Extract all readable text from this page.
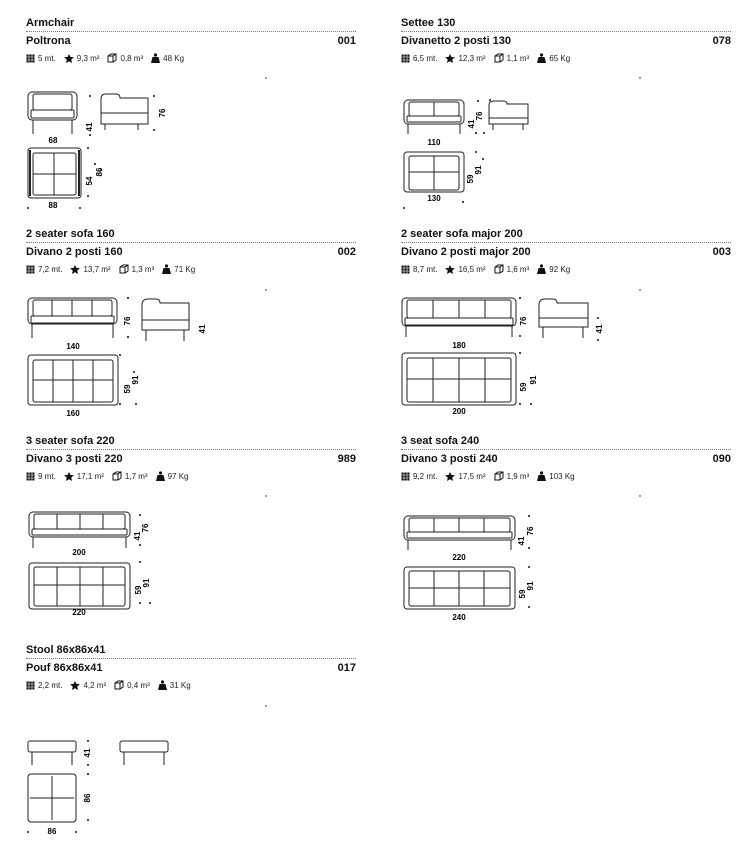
Armchair
Poltrona	001
5 mt.	9,3 m²	0,8 m³	48 Kg
Settee 130
Divanetto 2 posti 130	078
6,5 mt.	12,3 m²	1,1 m³	65 Kg
2 seater sofa 160
Divano 2 posti 160	002
7,2 mt.	13,7 m²	1,3 m³	71 Kg
2 seater sofa major 200
Divano 2 posti major 200	003
8,7 mt.	16,5 m²	1,6 m³	92 Kg
3 seater sofa 220
Divano 3 posti 220	989
9 mt.	17,1 m²	1,7 m³	97 Kg
3 seat sofa 240
Divano 3 posti 240	090
9,2 mt.	17,5 m²	1,9 m³	103 Kg
Stool 86x86x41
Pouf 86x86x41	017
2,2 mt.	4,2 m²	0,4 m³	31 Kg
68
41
76
88
54
86
110
41
76
130
59
91
140
76
41
160
59
91
180
76
41
200
59
91
200
41
76
220
59
91
220
41
76
240
59
91
41
86
86
